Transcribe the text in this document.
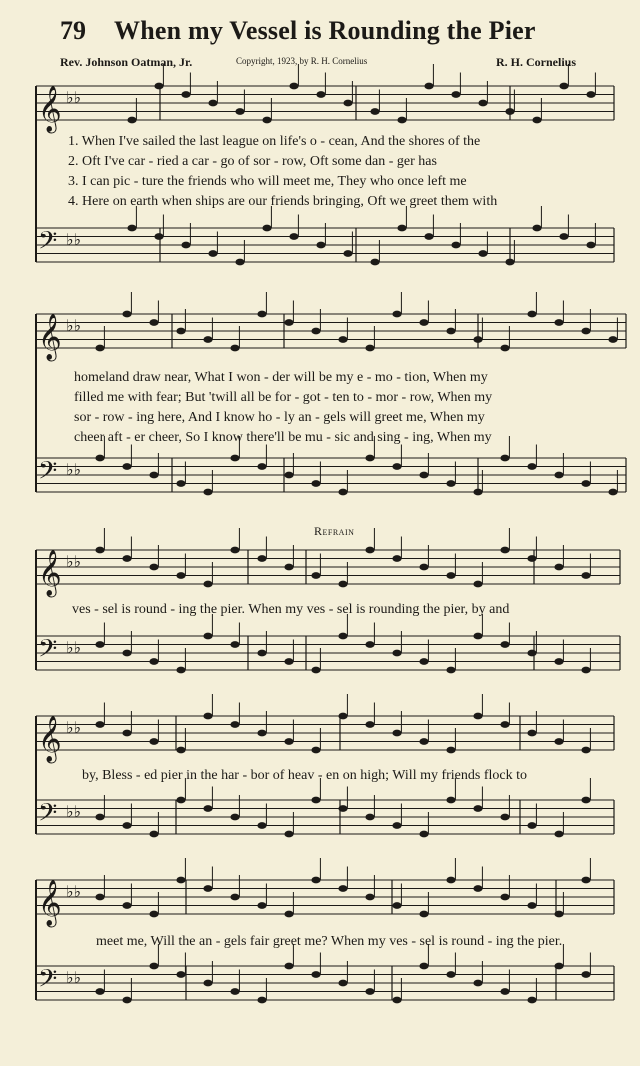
79 When my Vessel is Rounding the Pier
Rev. Johnson Oatman, Jr.	Copyright, 1923, by R. H. Cornelius	R. H. Cornelius
𝄞 ♭♭
𝄢 ♭♭
𝄞 ♭♭
𝄢 ♭♭
𝄞 ♭♭
𝄢 ♭♭
𝄞 ♭♭
𝄢 ♭♭
𝄞 ♭♭
𝄢 ♭♭
1. When I've sailed the last league on life's o - cean, And the shores of the
2. Oft I've car - ried a car - go of sor - row, Oft some dan - ger has
3. I can pic - ture the friends who will meet me, They who once left me
4. Here on earth when ships are our friends bringing, Oft we greet them with
homeland draw near, What I won - der will be my e - mo - tion, When my
filled me with fear; But 'twill all be for - got - ten to - mor - row, When my
sor - row - ing here, And I know ho - ly an - gels will greet me, When my
cheer aft - er cheer, So I know there'll be mu - sic and sing - ing, When my
Refrain
ves - sel is round - ing the pier. When my ves - sel is rounding the pier, by and
by, Bless - ed pier in the har - bor of heav - en on high; Will my friends flock to
meet me, Will the an - gels fair greet me? When my ves - sel is round - ing the pier.
